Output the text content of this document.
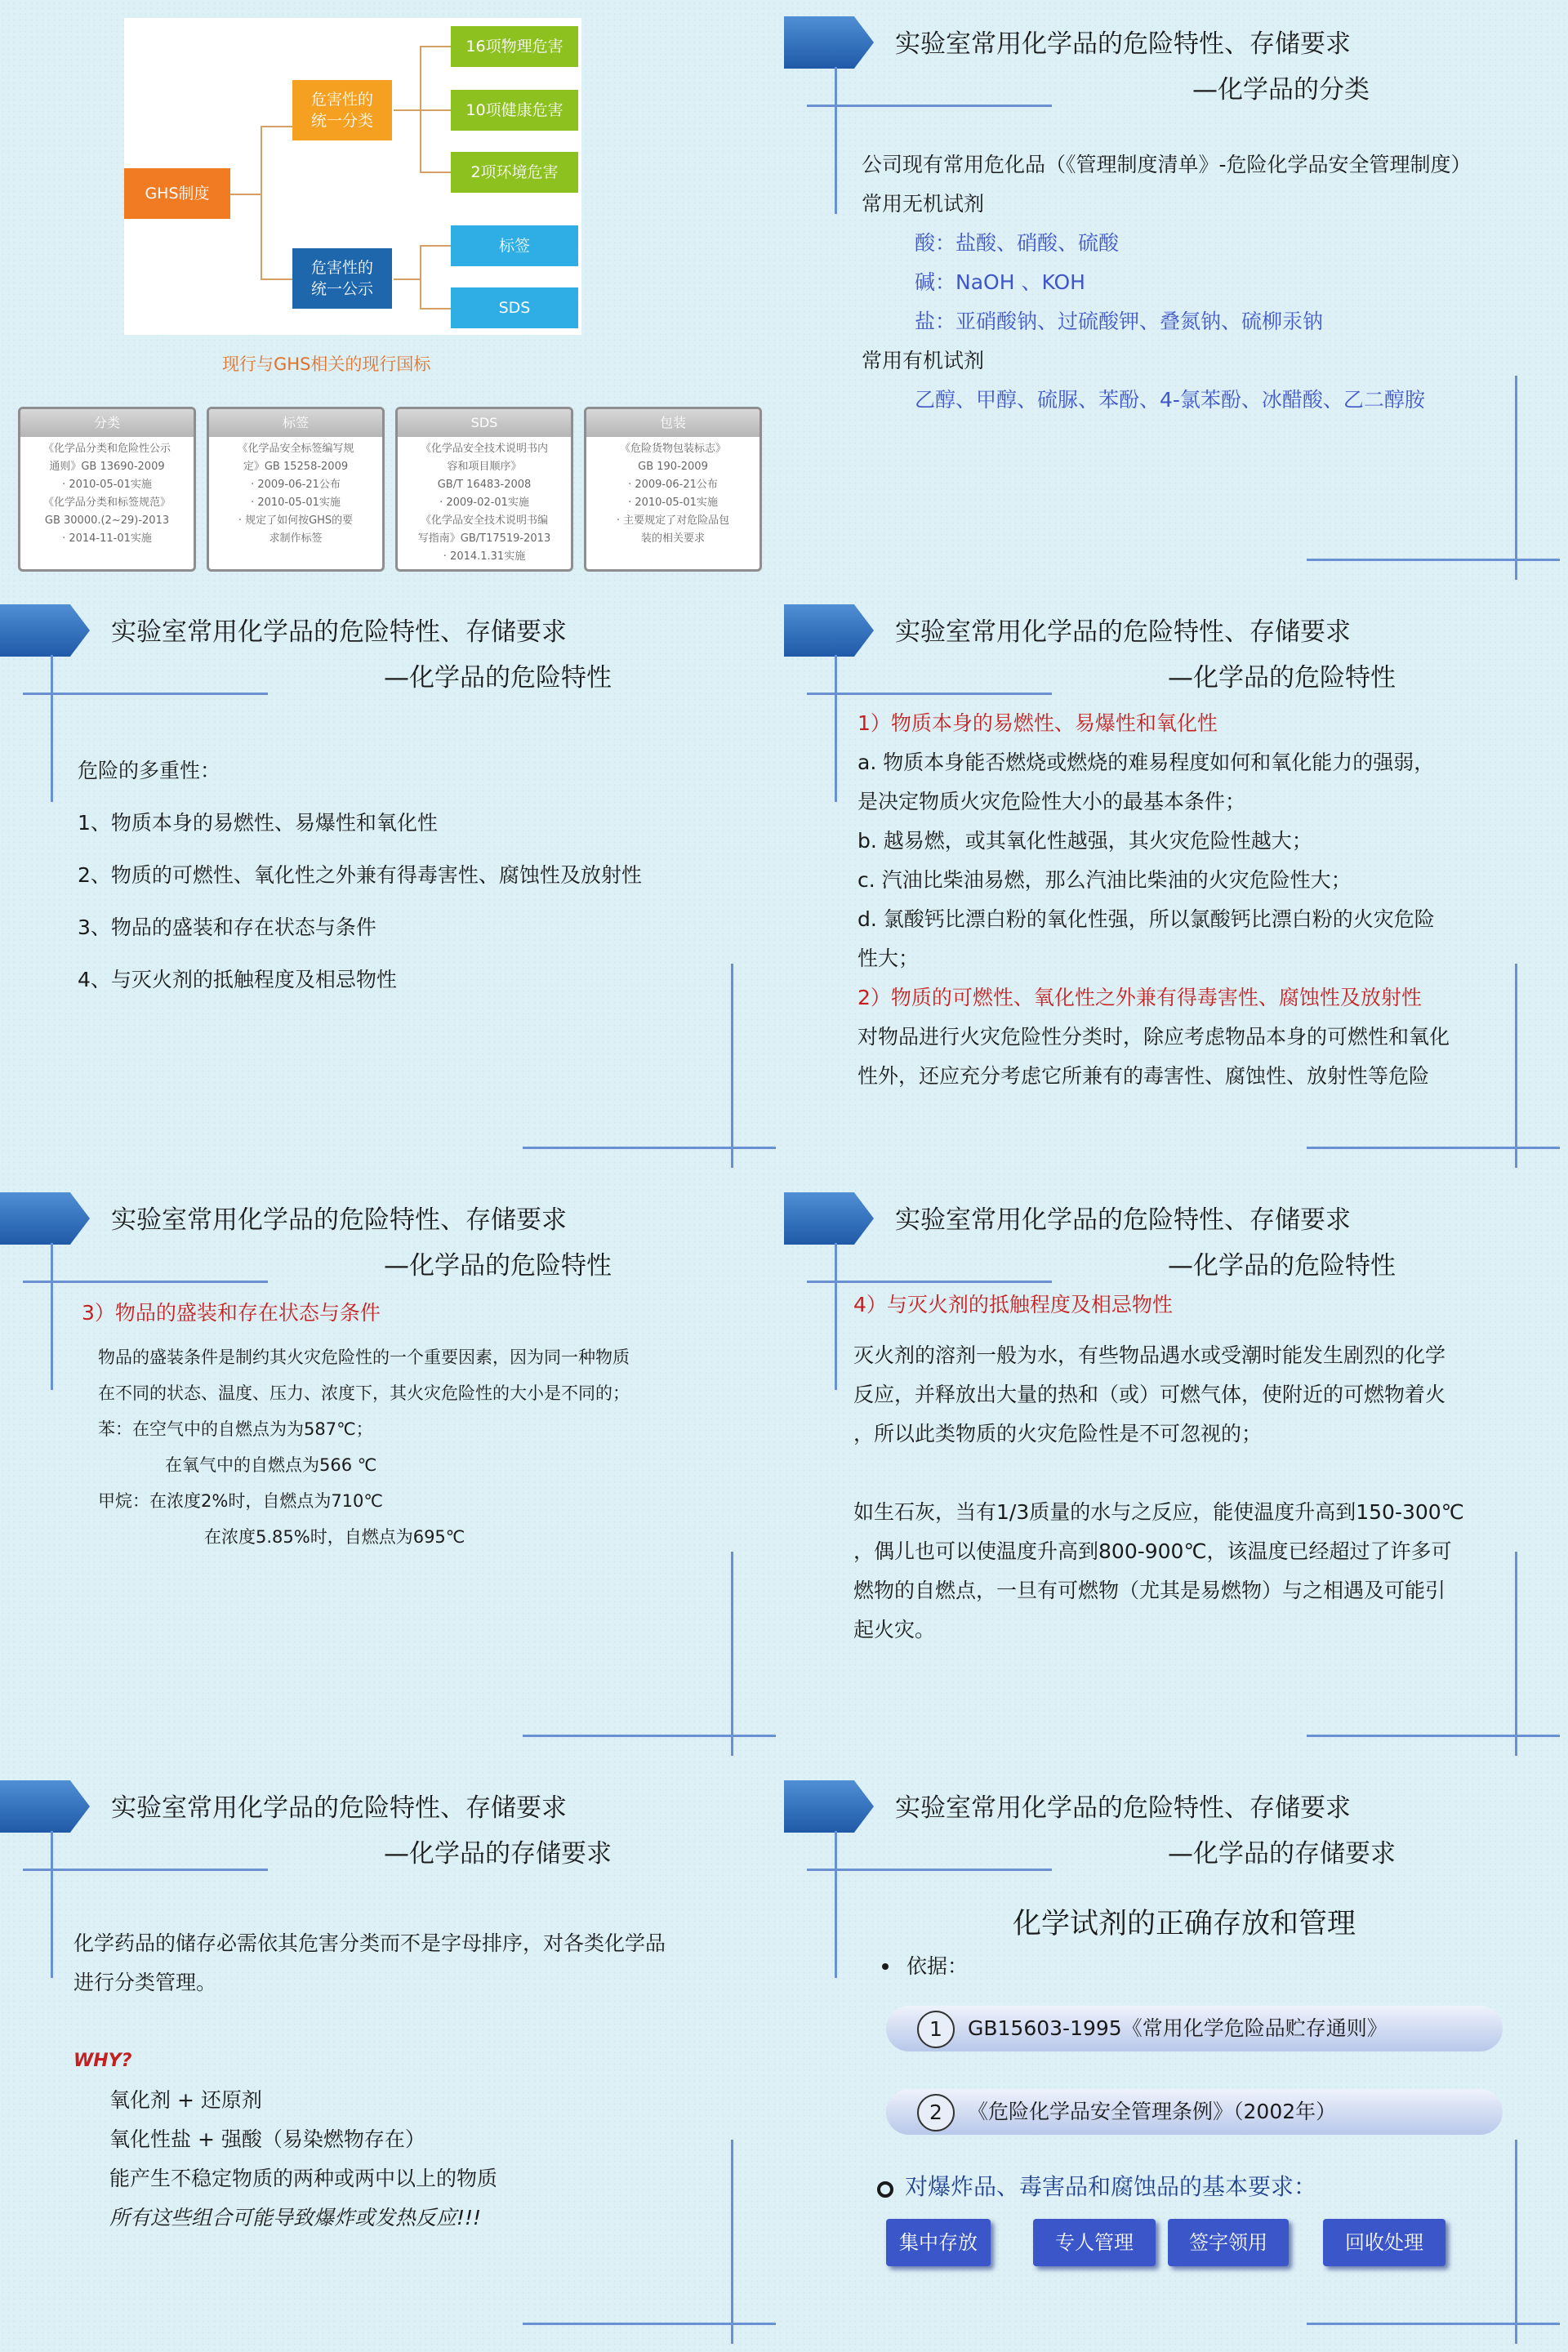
GHS制度
危害性的
统一分类
危害性的
统一公示
16项物理危害
10项健康危害
2项环境危害
标签
SDS
现行与GHS相关的现行国标
分类
《化学品分类和危险性公示
通则》GB 13690-2009
· 2010-05-01实施
《化学品分类和标签规范》
GB 30000.(2~29)-2013
· 2014-11-01实施
标签
《化学品安全标签编写规
定》GB 15258-2009
· 2009-06-21公布
· 2010-05-01实施
· 规定了如何按GHS的要
求制作标签
SDS
《化学品安全技术说明书内
容和项目顺序》
GB/T 16483-2008
· 2009-02-01实施
《化学品安全技术说明书编
写指南》GB/T17519-2013
· 2014.1.31实施
包装
《危险货物包装标志》
GB 190-2009
· 2009-06-21公布
· 2010-05-01实施
· 主要规定了对危险品包
装的相关要求
实验室常用化学品的危险特性、存储要求
—化学品的分类
公司现有常用危化品（《管理制度清单》-危险化学品安全管理制度）
常用无机试剂
酸：盐酸、硝酸、硫酸
碱：NaOH 、KOH
盐：亚硝酸钠、过硫酸钾、叠氮钠、硫柳汞钠
常用有机试剂
乙醇、甲醇、硫脲、苯酚、4-氯苯酚、冰醋酸、乙二醇胺
实验室常用化学品的危险特性、存储要求
—化学品的危险特性
危险的多重性：
1、物质本身的易燃性、易爆性和氧化性
2、物质的可燃性、氧化性之外兼有得毒害性、腐蚀性及放射性
3、物品的盛装和存在状态与条件
4、与灭火剂的抵触程度及相忌物性
实验室常用化学品的危险特性、存储要求
—化学品的危险特性
1）物质本身的易燃性、易爆性和氧化性
a. 物质本身能否燃烧或燃烧的难易程度如何和氧化能力的强弱，
是决定物质火灾危险性大小的最基本条件；
b. 越易燃，或其氧化性越强，其火灾危险性越大；
c. 汽油比柴油易燃，那么汽油比柴油的火灾危险性大；
d. 氯酸钙比漂白粉的氧化性强，所以氯酸钙比漂白粉的火灾危险
性大；
2）物质的可燃性、氧化性之外兼有得毒害性、腐蚀性及放射性
对物品进行火灾危险性分类时，除应考虑物品本身的可燃性和氧化
性外，还应充分考虑它所兼有的毒害性、腐蚀性、放射性等危险
实验室常用化学品的危险特性、存储要求
—化学品的危险特性
3）物品的盛装和存在状态与条件
物品的盛装条件是制约其火灾危险性的一个重要因素，因为同一种物质
在不同的状态、温度、压力、浓度下，其火灾危险性的大小是不同的；
苯：在空气中的自燃点为为587℃；
在氧气中的自燃点为566 ℃
甲烷：在浓度2%时，自燃点为710℃
在浓度5.85%时，自燃点为695℃
实验室常用化学品的危险特性、存储要求
—化学品的危险特性
4）与灭火剂的抵触程度及相忌物性
灭火剂的溶剂一般为水，有些物品遇水或受潮时能发生剧烈的化学
反应，并释放出大量的热和（或）可燃气体，使附近的可燃物着火
，所以此类物质的火灾危险性是不可忽视的；
如生石灰，当有1/3质量的水与之反应，能使温度升高到150-300℃
，偶儿也可以使温度升高到800-900℃，该温度已经超过了许多可
燃物的自燃点，一旦有可燃物（尤其是易燃物）与之相遇及可能引
起火灾。
实验室常用化学品的危险特性、存储要求
—化学品的存储要求
化学药品的储存必需依其危害分类而不是字母排序，对各类化学品
进行分类管理。
WHY?
氧化剂 + 还原剂
氧化性盐 + 强酸（易染燃物存在）
能产生不稳定物质的两种或两中以上的物质
所有这些组合可能导致爆炸或发热反应!!!
实验室常用化学品的危险特性、存储要求
—化学品的存储要求
化学试剂的正确存放和管理
依据：
1	GB15603-1995《常用化学危险品贮存通则》
2	《危险化学品安全管理条例》（2002年）
对爆炸品、毒害品和腐蚀品的基本要求：
集中存放	专人管理	签字领用	回收处理
